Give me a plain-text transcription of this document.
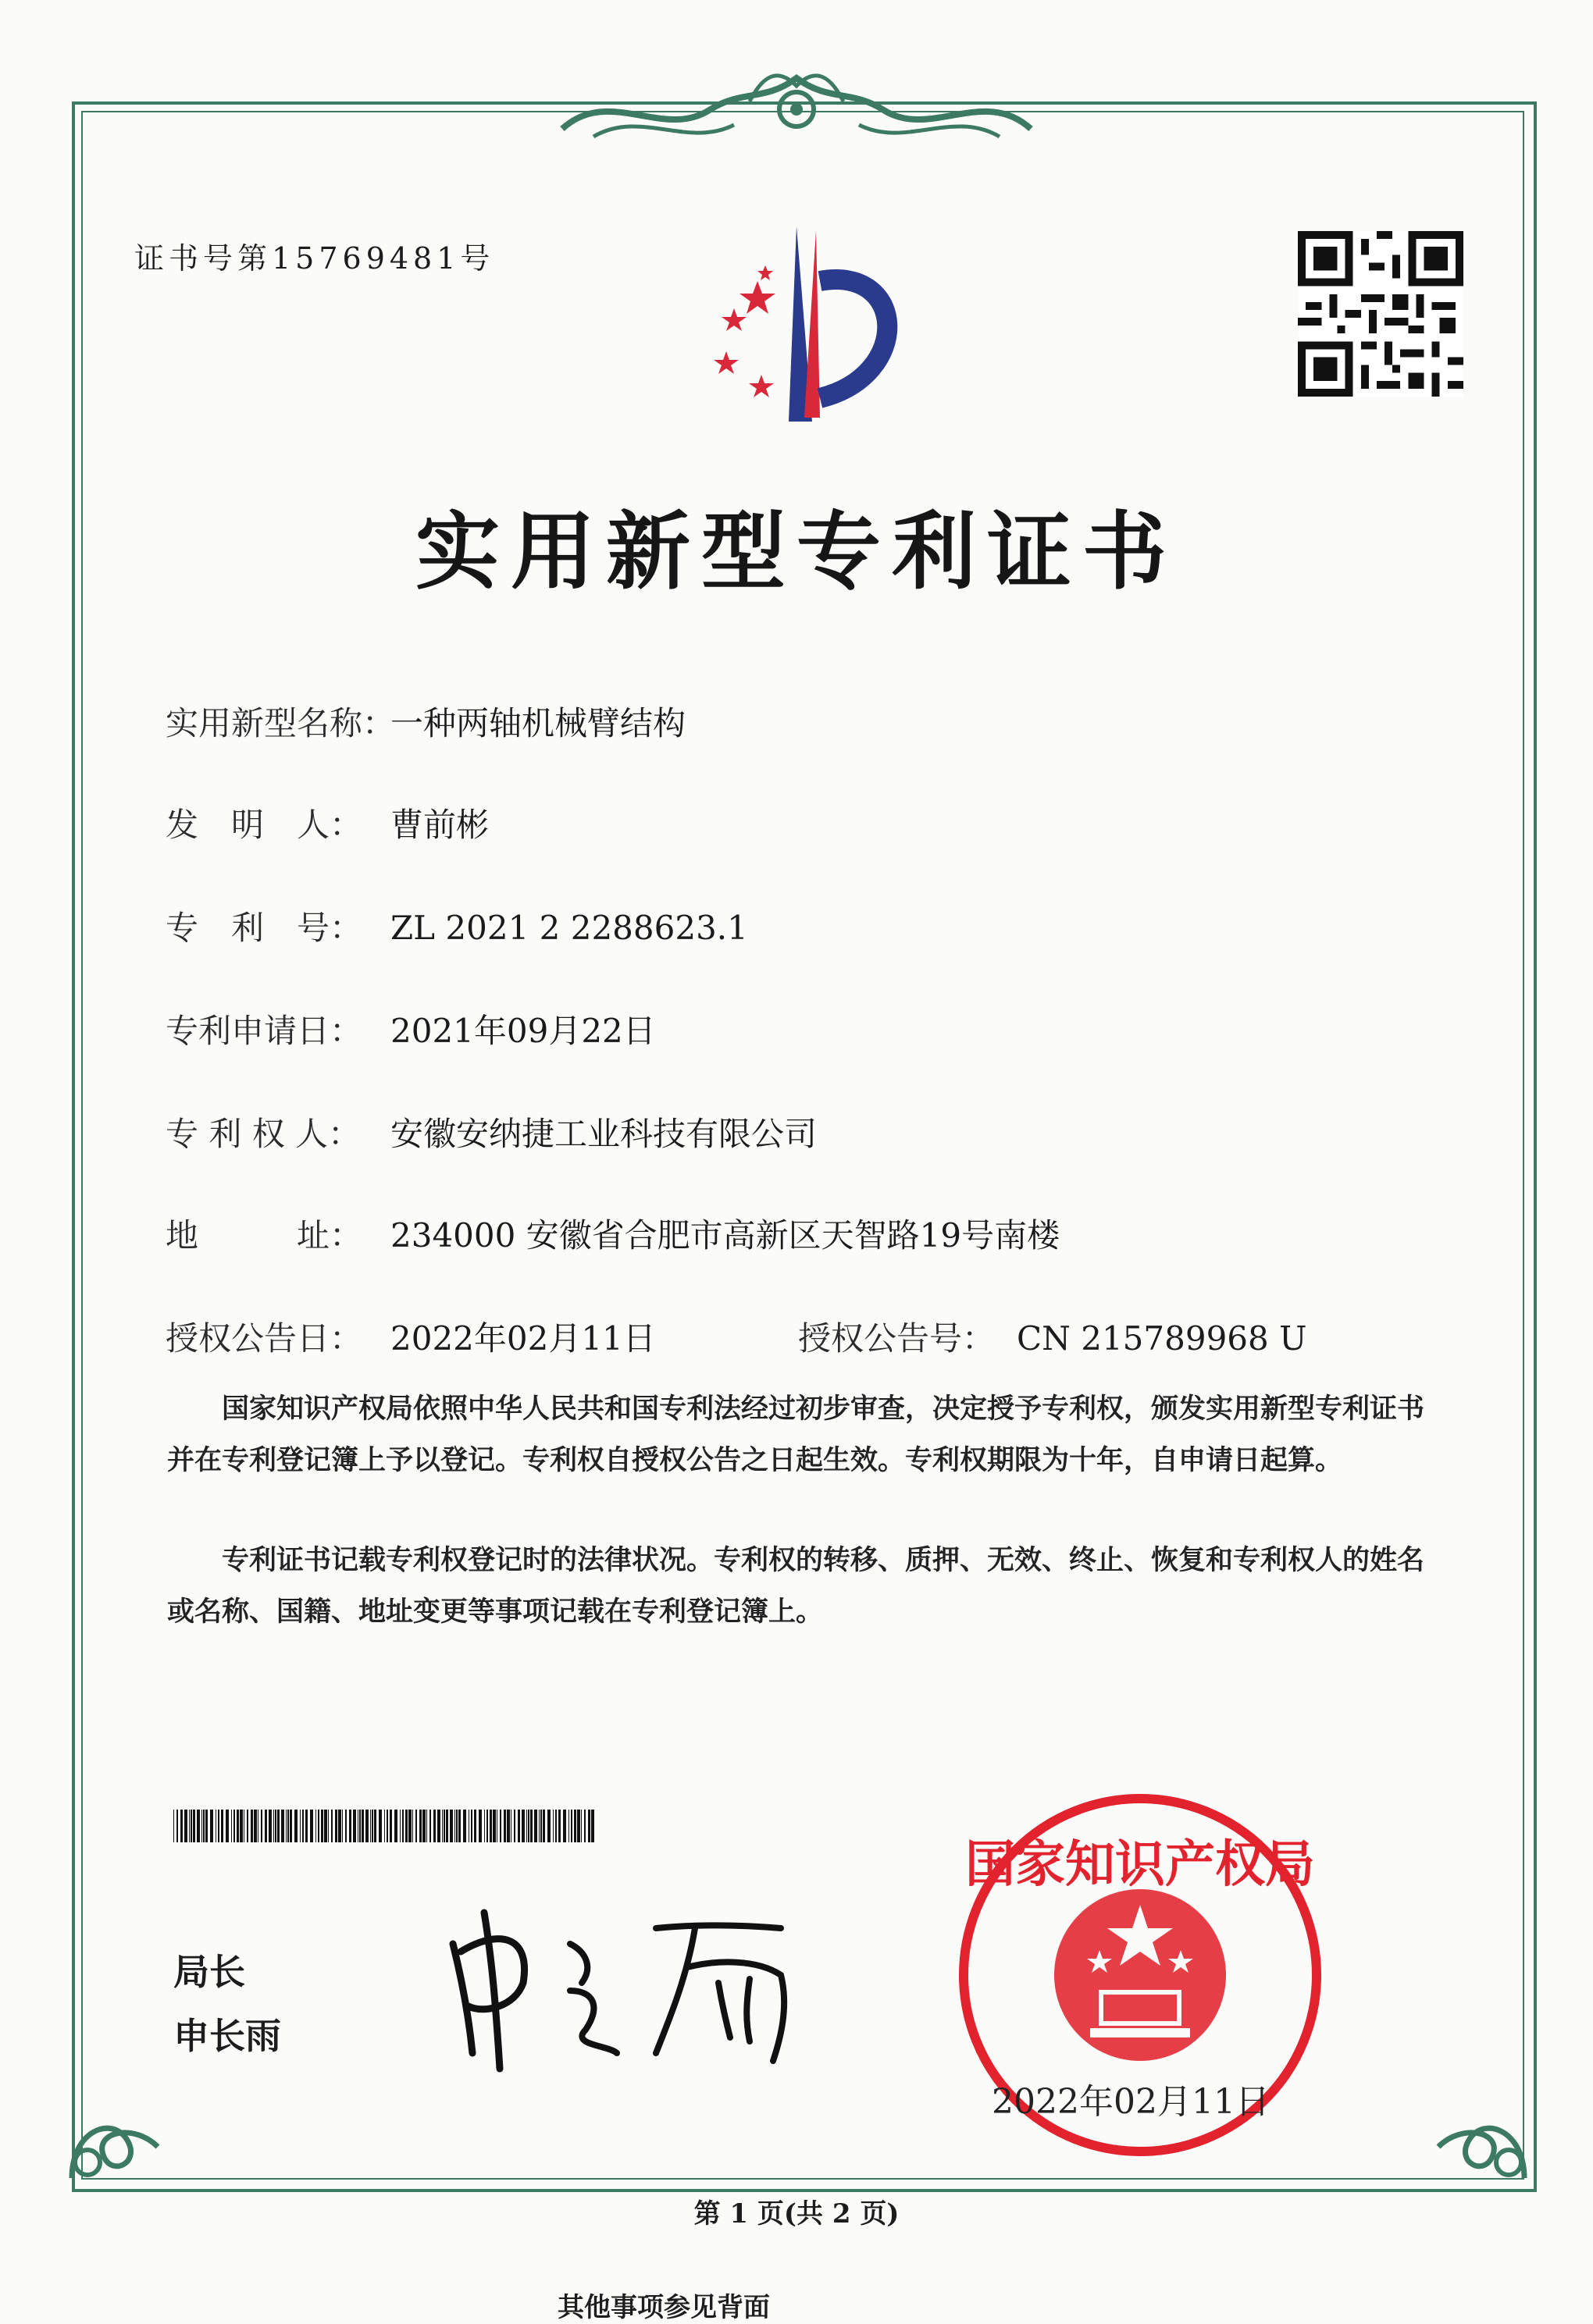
证书号第15769481号
实用新型专利证书
实用新型名称：一种两轴机械臂结构
发　明　人： 曹前彬
专　利　号： ZL 2021 2 2288623.1
专利申请日： 2021年09月22日
专 利 权 人： 安徽安纳捷工业科技有限公司
地　　　址： 234000 安徽省合肥市高新区天智路19号南楼
授权公告日： 2022年02月11日	授权公告号： CN 215789968 U
国家知识产权局依照中华人民共和国专利法经过初步审查，决定授予专利权，颁发实用新型专利证书并在专利登记簿上予以登记。专利权自授权公告之日起生效。专利权期限为十年，自申请日起算。
专利证书记载专利权登记时的法律状况。专利权的转移、质押、无效、终止、恢复和专利权人的姓名或名称、国籍、地址变更等事项记载在专利登记簿上。
局长
申长雨
国家知识产权局
2022年02月11日
第 1 页(共 2 页)
其他事项参见背面
